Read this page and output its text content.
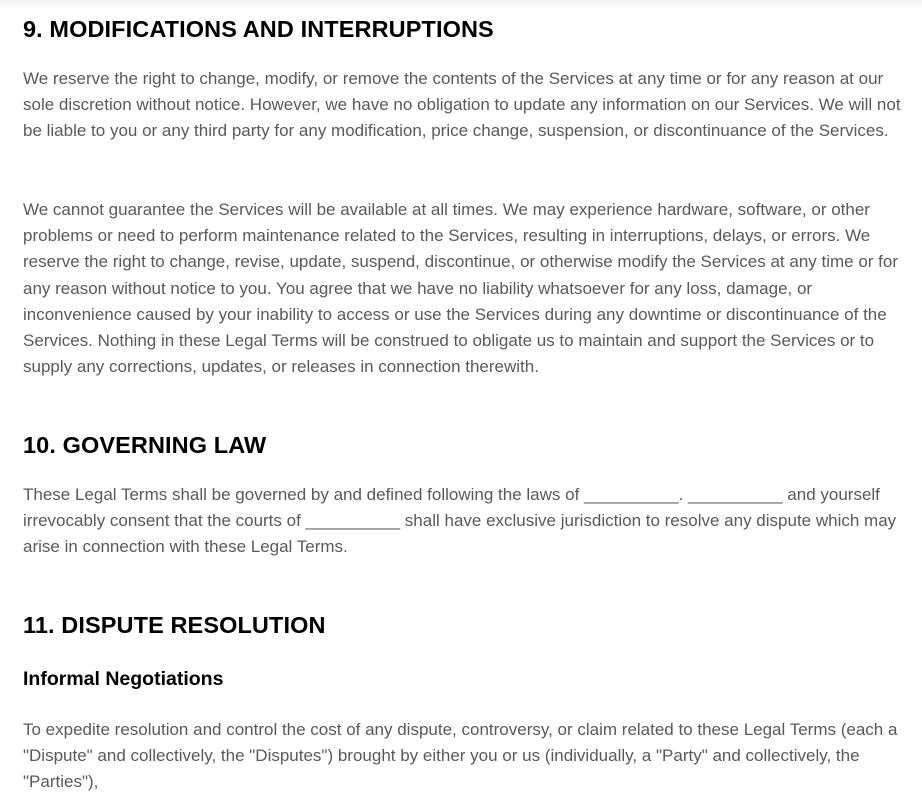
9. MODIFICATIONS AND INTERRUPTIONS

We reserve the right to change, modify, or remove the contents of the Services at any time or for any reason at our sole discretion without notice. However, we have no obligation to update any information on our Services. We will not be liable to you or any third party for any modification, price change, suspension, or discontinuance of the Services.

We cannot guarantee the Services will be available at all times. We may experience hardware, software, or other problems or need to perform maintenance related to the Services, resulting in interruptions, delays, or errors. We reserve the right to change, revise, update, suspend, discontinue, or otherwise modify the Services at any time or for any reason without notice to you. You agree that we have no liability whatsoever for any loss, damage, or inconvenience caused by your inability to access or use the Services during any downtime or discontinuance of the Services. Nothing in these Legal Terms will be construed to obligate us to maintain and support the Services or to supply any corrections, updates, or releases in connection therewith.

10. GOVERNING LAW

These Legal Terms shall be governed by and defined following the laws of __________. __________ and yourself irrevocably consent that the courts of __________ shall have exclusive jurisdiction to resolve any dispute which may arise in connection with these Legal Terms.

11. DISPUTE RESOLUTION
Informal Negotiations

To expedite resolution and control the cost of any dispute, controversy, or claim related to these Legal Terms (each a "Dispute" and collectively, the "Disputes") brought by either you or us (individually, a "Party" and collectively, the "Parties"),
